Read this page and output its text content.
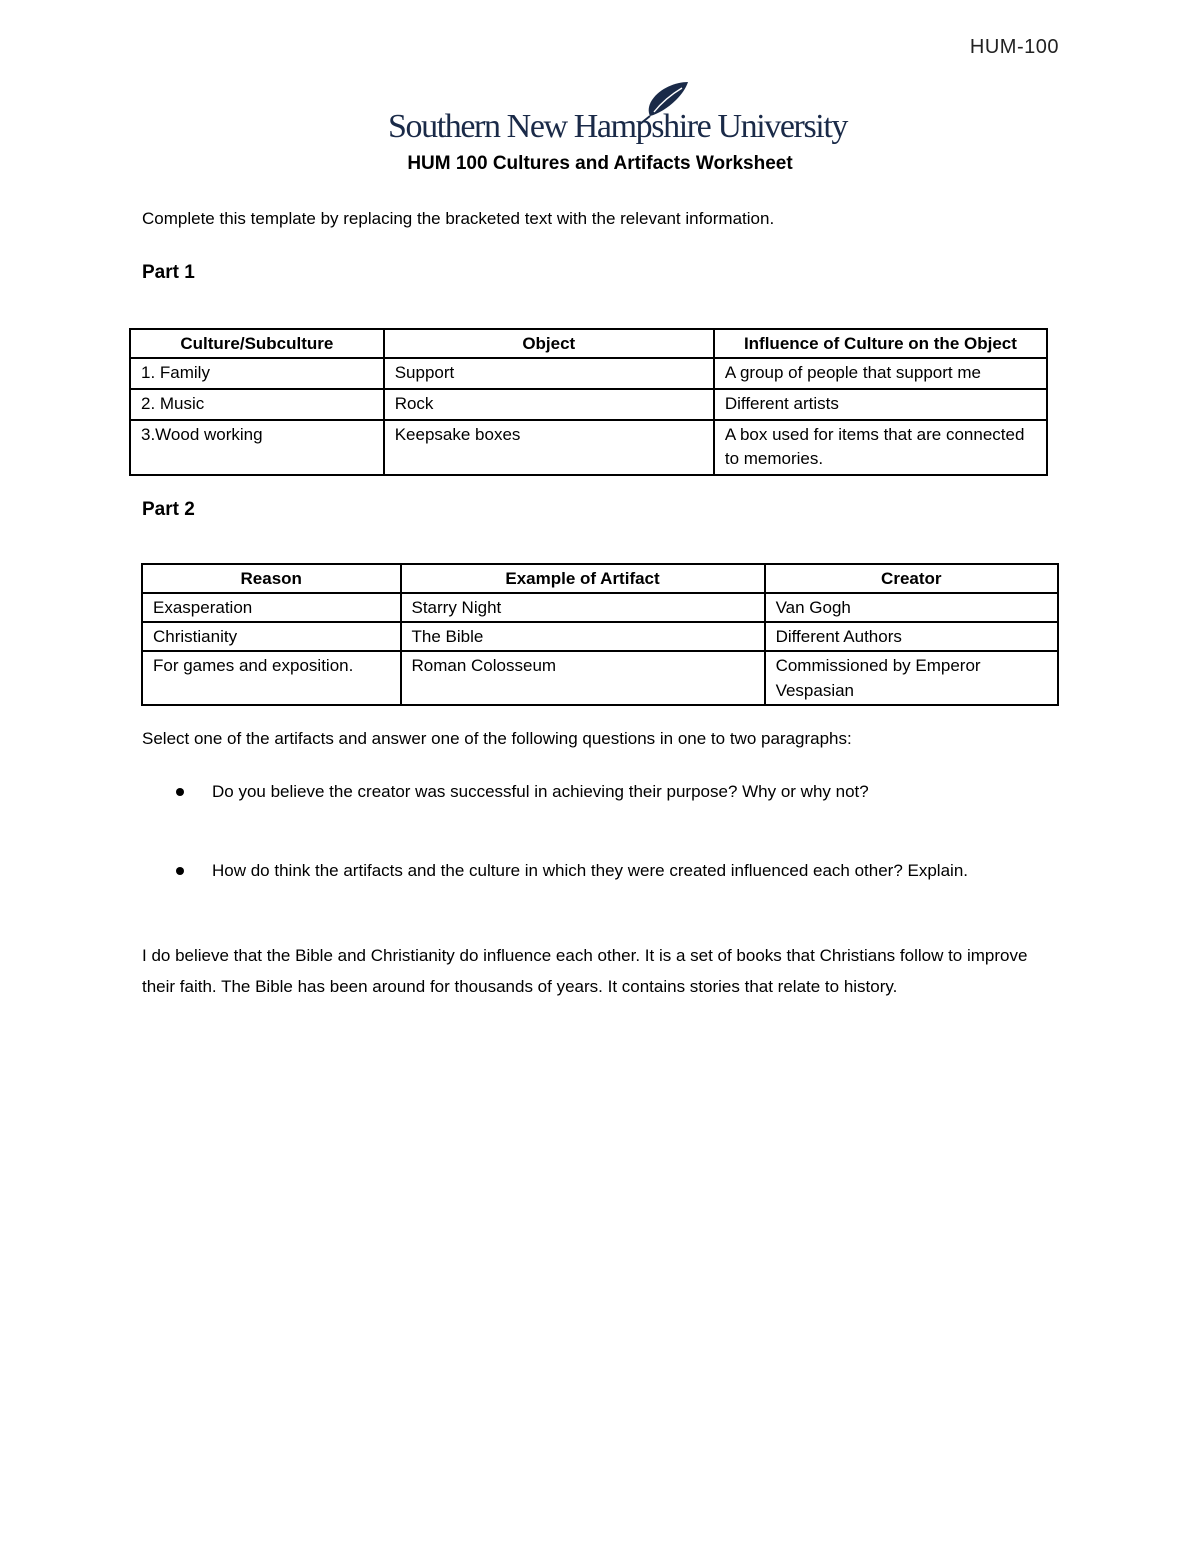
HUM-100
Southern New Hampshire University
HUM 100 Cultures and Artifacts Worksheet
Complete this template by replacing the bracketed text with the relevant information.
Part 1
Culture/Subculture	Object	Influence of Culture on the Object
1. Family	Support	A group of people that support me
2. Music	Rock	Different artists
3.Wood working	Keepsake boxes	A box used for items that are connected to memories.
Part 2
Reason	Example of Artifact	Creator
Exasperation	Starry Night	Van Gogh
Christianity	The Bible	Different Authors
For games and exposition.	Roman Colosseum	Commissioned by Emperor Vespasian
Select one of the artifacts and answer one of the following questions in one to two paragraphs:
Do you believe the creator was successful in achieving their purpose? Why or why not?
How do think the artifacts and the culture in which they were created influenced each other? Explain.
I do believe that the Bible and Christianity do influence each other. It is a set of books that Christians follow to improve their faith. The Bible has been around for thousands of years. It contains stories that relate to history.
